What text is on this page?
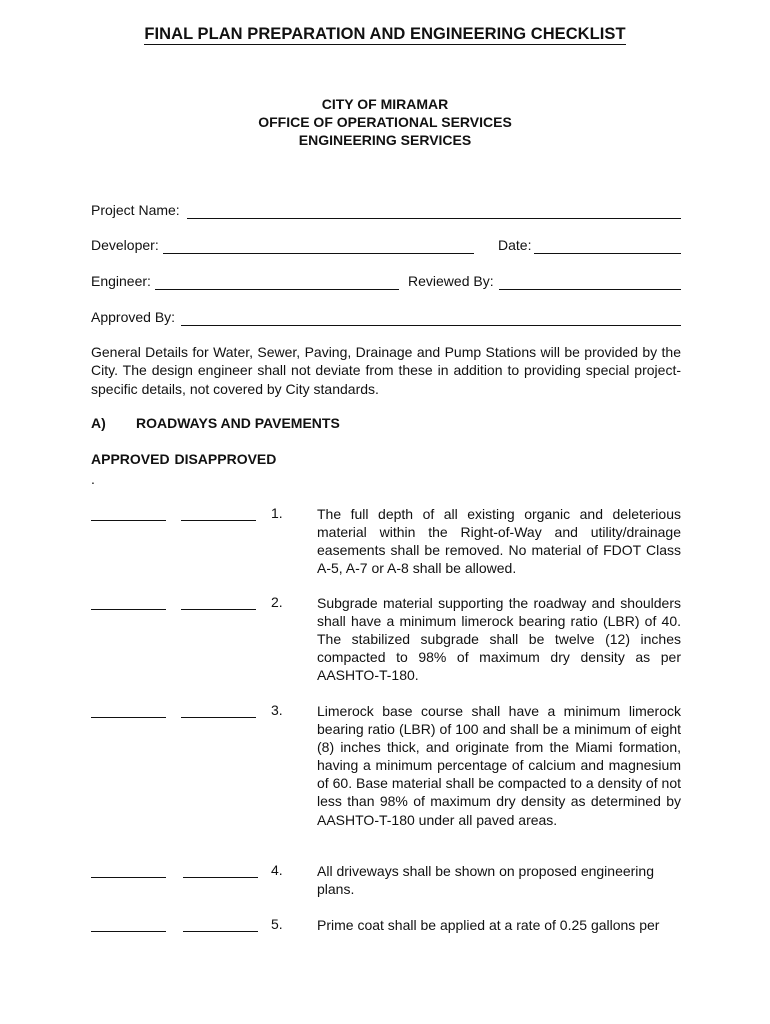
FINAL PLAN PREPARATION AND ENGINEERING CHECKLIST
CITY OF MIRAMAR
OFFICE OF OPERATIONAL SERVICES
ENGINEERING SERVICES
Project Name:
Developer:	Date:
Engineer:	Reviewed By:
Approved By:
General Details for Water, Sewer, Paving, Drainage and Pump Stations will be provided by the City. The design engineer shall not deviate from these in addition to providing special project-specific details, not covered by City standards.
A) ROADWAYS AND PAVEMENTS
APPROVED DISAPPROVED
.
1. The full depth of all existing organic and deleterious material within the Right-of-Way and utility/drainage easements shall be removed. No material of FDOT Class A-5, A-7 or A-8 shall be allowed.
2. Subgrade material supporting the roadway and shoulders shall have a minimum limerock bearing ratio (LBR) of 40. The stabilized subgrade shall be twelve (12) inches compacted to 98% of maximum dry density as per AASHTO-T-180.
3. Limerock base course shall have a minimum limerock bearing ratio (LBR) of 100 and shall be a minimum of eight (8) inches thick, and originate from the Miami formation, having a minimum percentage of calcium and magnesium of 60. Base material shall be compacted to a density of not less than 98% of maximum dry density as determined by AASHTO-T-180 under all paved areas.
4. All driveways shall be shown on proposed engineering plans.
5. Prime coat shall be applied at a rate of 0.25 gallons per
